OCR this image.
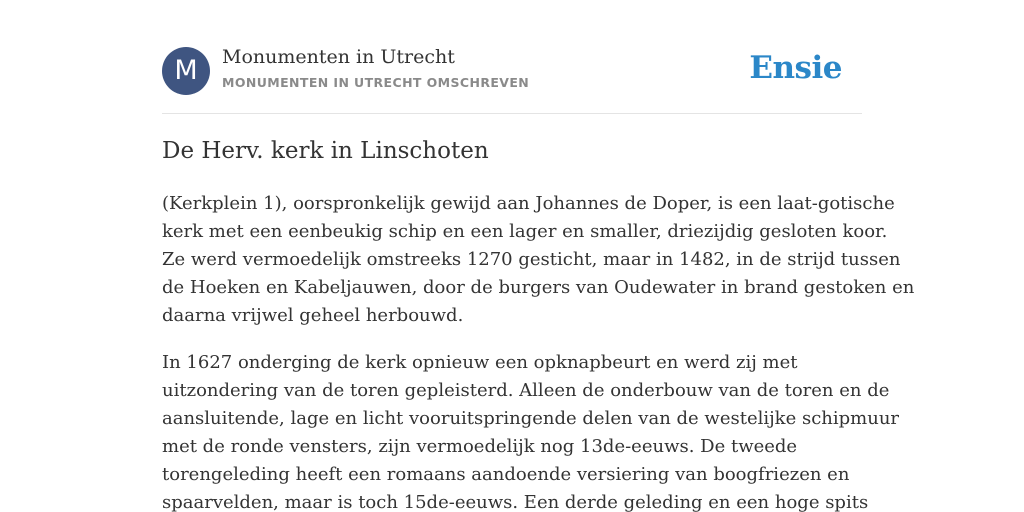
M	Monumenten in Utrecht
MONUMENTEN IN UTRECHT OMSCHREVEN	Ensie
De Herv. kerk in Linschoten

(Kerkplein 1), oorspronkelijk gewijd aan Johannes de Doper, is een laat-gotische
kerk met een eenbeukig schip en een lager en smaller, driezijdig gesloten koor.
Ze werd vermoedelijk omstreeks 1270 gesticht, maar in 1482, in de strijd tussen
de Hoeken en Kabeljauwen, door de burgers van Oudewater in brand gestoken en
daarna vrijwel geheel herbouwd.

In 1627 onderging de kerk opnieuw een opknapbeurt en werd zij met
uitzondering van de toren gepleisterd. Alleen de onderbouw van de toren en de
aansluitende, lage en licht vooruitspringende delen van de westelijke schipmuur
met de ronde vensters, zijn vermoedelijk nog 13de-eeuws. De tweede
torengeleding heeft een romaans aandoende versiering van boogfriezen en
spaarvelden, maar is toch 15de-eeuws. Een derde geleding en een hoge spits
